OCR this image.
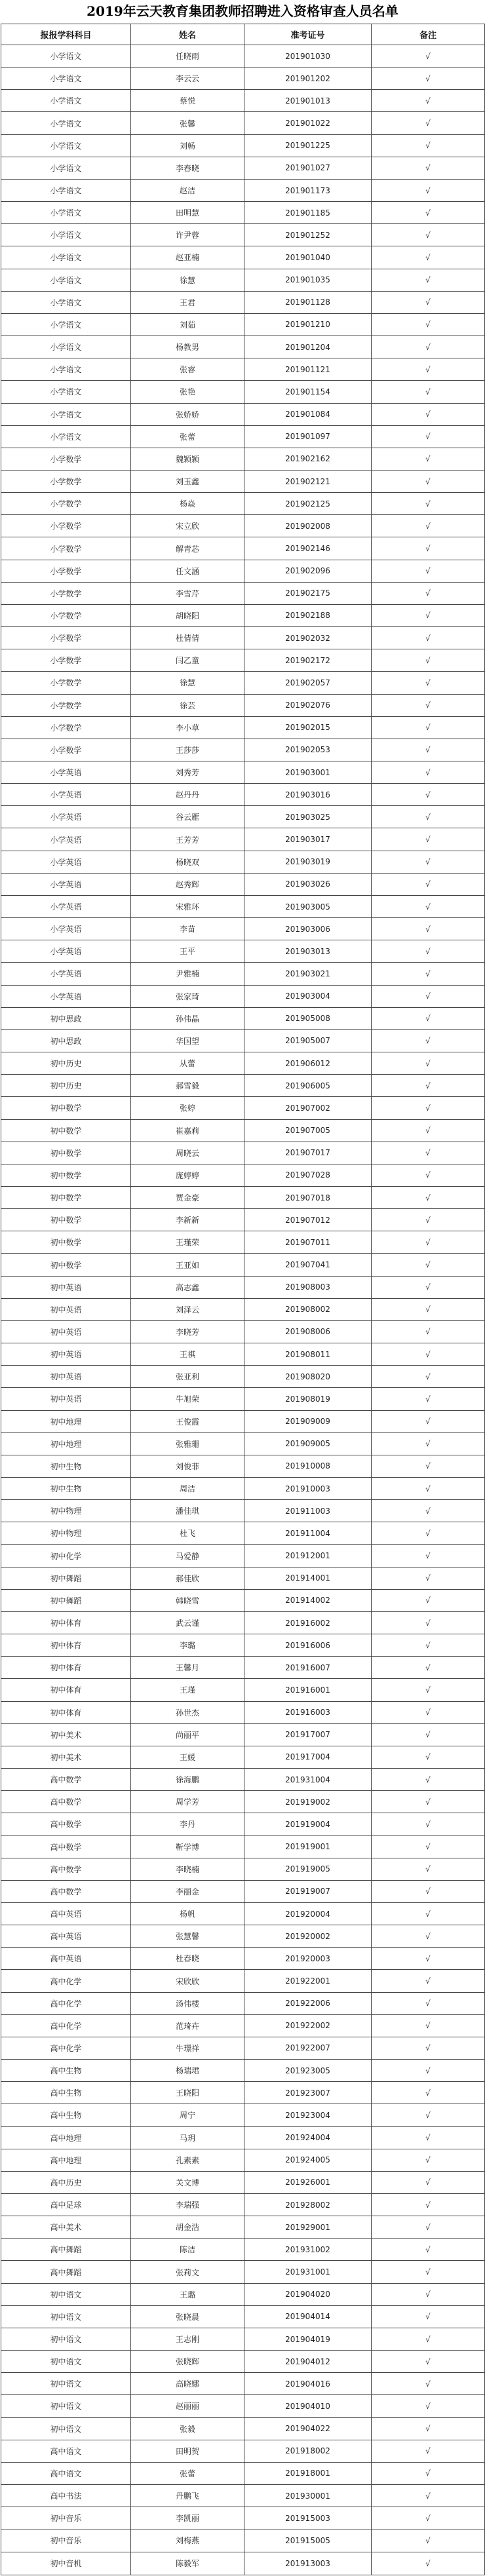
2019年云天教育集团教师招聘进入资格审查人员名单
报报学科科目	姓名	准考证号	备注
小学语文	任晓雨	201901030	√
小学语文	李云云	201901202	√
小学语文	蔡悦	201901013	√
小学语文	张馨	201901022	√
小学语文	刘畅	201901225	√
小学语文	李春晓	201901027	√
小学语文	赵洁	201901173	√
小学语文	田明慧	201901185	√
小学语文	许尹蓉	201901252	√
小学语文	赵亚楠	201901040	√
小学语文	徐慧	201901035	√
小学语文	王君	201901128	√
小学语文	刘茹	201901210	√
小学语文	杨教男	201901204	√
小学语文	张睿	201901121	√
小学语文	张艳	201901154	√
小学语文	张娇娇	201901084	√
小学语文	张蕾	201901097	√
小学数学	魏颖颖	201902162	√
小学数学	刘玉鑫	201902121	√
小学数学	杨焱	201902125	√
小学数学	宋立欣	201902008	√
小学数学	解青芯	201902146	√
小学数学	任文涵	201902096	√
小学数学	李雪芹	201902175	√
小学数学	胡晓阳	201902188	√
小学数学	杜倩倩	201902032	√
小学数学	闫乙童	201902172	√
小学数学	徐慧	201902057	√
小学数学	徐芸	201902076	√
小学数学	李小草	201902015	√
小学数学	王莎莎	201902053	√
小学英语	刘秀芳	201903001	√
小学英语	赵丹丹	201903016	√
小学英语	谷云雁	201903025	√
小学英语	王芳芳	201903017	√
小学英语	杨晓双	201903019	√
小学英语	赵秀辉	201903026	√
小学英语	宋雅环	201903005	√
小学英语	李苗	201903006	√
小学英语	王平	201903013	√
小学英语	尹雅楠	201903021	√
小学英语	张家琦	201903004	√
初中思政	孙伟晶	201905008	√
初中思政	华国望	201905007	√
初中历史	从蕾	201906012	√
初中历史	郝雪毅	201906005	√
初中数学	张婷	201907002	√
初中数学	崔嘉莉	201907005	√
初中数学	周晓云	201907017	√
初中数学	庞婷婷	201907028	√
初中数学	贾金豪	201907018	√
初中数学	李新新	201907012	√
初中数学	王瑾荣	201907011	√
初中数学	王亚如	201907041	√
初中英语	高志鑫	201908003	√
初中英语	刘泽云	201908002	√
初中英语	李晓芳	201908006	√
初中英语	王祺	201908011	√
初中英语	张亚利	201908020	√
初中英语	牛旭荣	201908019	√
初中地理	王俊霞	201909009	√
初中地理	张雅珊	201909005	√
初中生物	刘俊菲	201910008	√
初中生物	周洁	201910003	√
初中物理	潘佳琪	201911003	√
初中物理	杜飞	201911004	√
初中化学	马爱静	201912001	√
初中舞蹈	郝佳欣	201914001	√
初中舞蹈	韩晓雪	201914002	√
初中体育	武云谨	201916002	√
初中体育	李璐	201916006	√
初中体育	王馨月	201916007	√
初中体育	王瑾	201916001	√
初中体育	孙世杰	201916003	√
初中美术	尚丽平	201917007	√
初中美术	王媛	201917004	√
高中数学	徐海鹏	201931004	√
高中数学	周学芳	201919002	√
高中数学	李丹	201919004	√
高中数学	靳学博	201919001	√
高中数学	李晓楠	201919005	√
高中数学	李丽金	201919007	√
高中英语	杨帆	201920004	√
高中英语	张慧馨	201920002	√
高中英语	杜春晓	201920003	√
高中化学	宋欣欣	201922001	√
高中化学	汤伟楼	201922006	√
高中化学	范琦卉	201922002	√
高中化学	牛璟祥	201922007	√
高中生物	杨瑞珺	201923005	√
高中生物	王晓阳	201923007	√
高中生物	周宁	201923004	√
高中地理	马玥	201924004	√
高中地理	孔素素	201924005	√
高中历史	关文博	201926001	√
高中足球	李瑞强	201928002	√
高中美术	胡金浩	201929001	√
高中舞蹈	陈洁	201931002	√
高中舞蹈	张莉文	201931001	√
初中语文	王璐	201904020	√
初中语文	张晓晨	201904014	√
初中语文	王志刚	201904019	√
初中语文	张晓辉	201904012	√
初中语文	高晓娜	201904016	√
初中语文	赵丽丽	201904010	√
初中语文	张毅	201904022	√
高中语文	田明贺	201918002	√
高中语文	张蕾	201918001	√
高中书法	丹鹏飞	201930001	√
初中音乐	李凯丽	201915003	√
初中音乐	刘梅燕	201915005	√
初中音机	陈毅军	201913003	√
